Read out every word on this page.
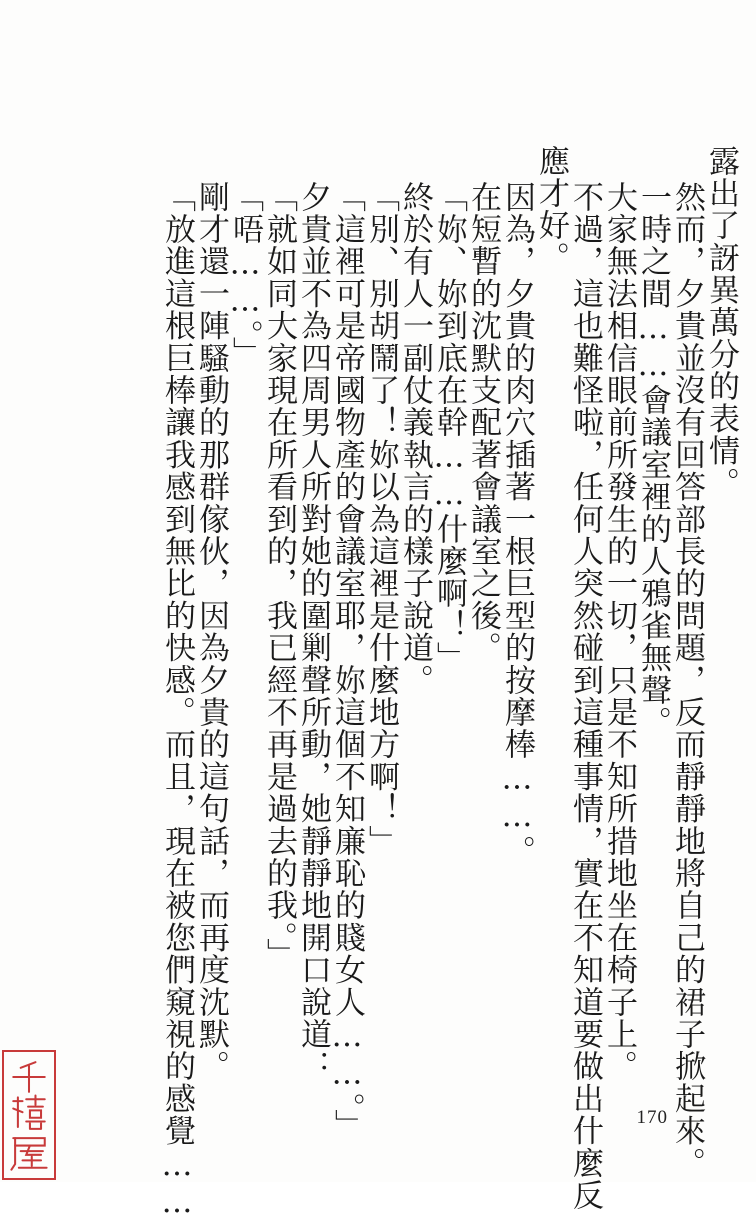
露出了訝異萬分的表情。
然而，夕貴並沒有回答部長的問題，反而靜靜地將自己的裙子掀起來。
一時之間……會議室裡的人鴉雀無聲。
大家無法相信眼前所發生的一切，只是不知所措地坐在椅子上。
不過，這也難怪啦，任何人突然碰到這種事情，實在不知道要做出什麼反
應才好。
因為，夕貴的肉穴插著一根巨型的按摩棒……。
在短暫的沈默支配著會議室之後。
「妳、妳到底在幹……什麼啊！」
終於有人一副仗義執言的樣子說道。
「別、別胡鬧了！妳以為這裡是什麼地方啊！」
「這裡可是帝國物產的會議室耶，妳這個不知廉恥的賤女人……。」
夕貴並不為四周男人所對她的圍剿聲所動，她靜靜地開口說道：
「就如同大家現在所看到的，我已經不再是過去的我。」
「唔……。」
剛才還一陣騷動的那群傢伙，因為夕貴的這句話，而再度沈默。
「放進這根巨棒讓我感到無比的快感。而且，現在被您們窺視的感覺……	170
